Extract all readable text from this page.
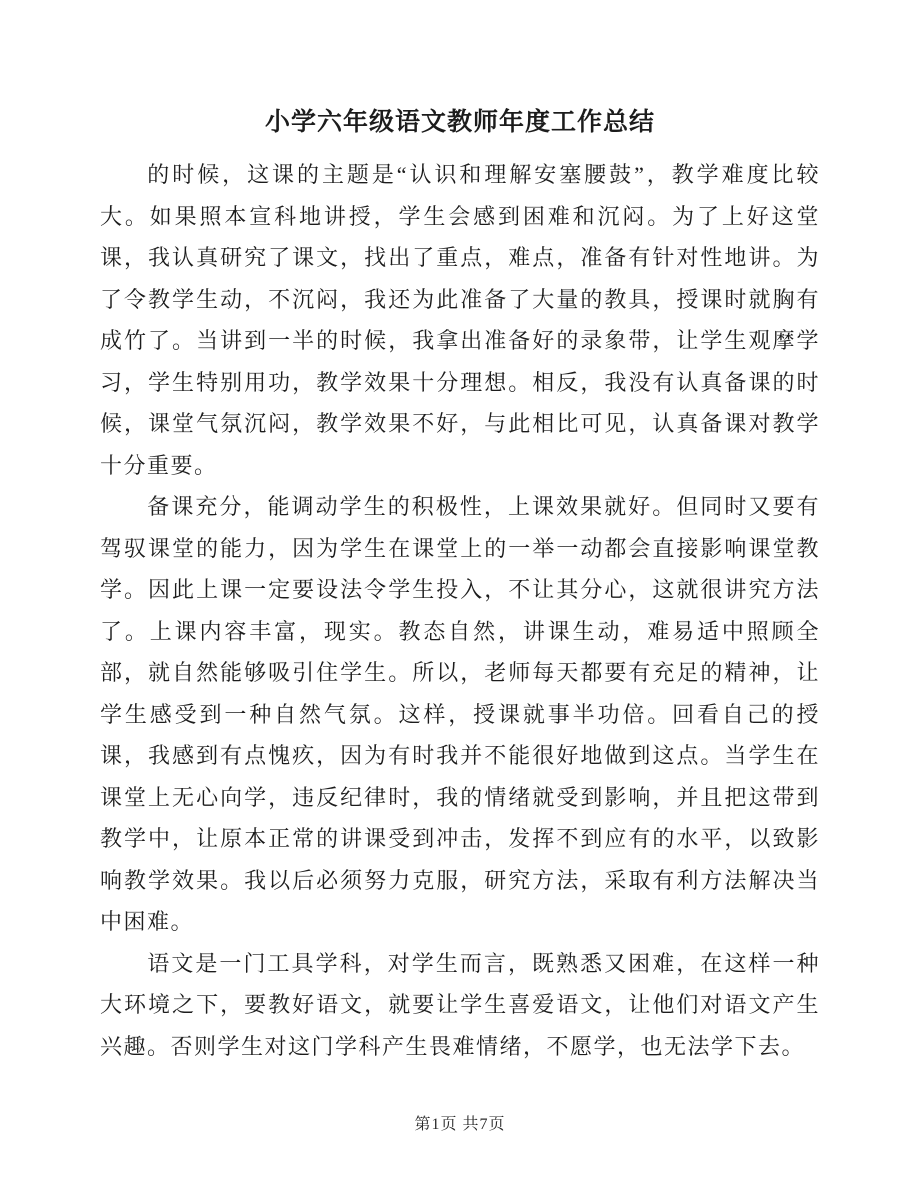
小学六年级语文教师年度工作总结

的时候，这课的主题是“认识和理解安塞腰鼓”，教学难度比较大。如果照本宣科地讲授，学生会感到困难和沉闷。为了上好这堂课，我认真研究了课文，找出了重点，难点，准备有针对性地讲。为了令教学生动，不沉闷，我还为此准备了大量的教具，授课时就胸有成竹了。当讲到一半的时候，我拿出准备好的录象带，让学生观摩学习，学生特别用功，教学效果十分理想。相反，我没有认真备课的时候，课堂气氛沉闷，教学效果不好，与此相比可见，认真备课对教学十分重要。

备课充分，能调动学生的积极性，上课效果就好。但同时又要有驾驭课堂的能力，因为学生在课堂上的一举一动都会直接影响课堂教学。因此上课一定要设法令学生投入，不让其分心，这就很讲究方法了。上课内容丰富，现实。教态自然，讲课生动，难易适中照顾全部，就自然能够吸引住学生。所以，老师每天都要有充足的精神，让学生感受到一种自然气氛。这样，授课就事半功倍。回看自己的授课，我感到有点愧疚，因为有时我并不能很好地做到这点。当学生在课堂上无心向学，违反纪律时，我的情绪就受到影响，并且把这带到教学中，让原本正常的讲课受到冲击，发挥不到应有的水平，以致影响教学效果。我以后必须努力克服，研究方法，采取有利方法解决当中困难。

语文是一门工具学科，对学生而言，既熟悉又困难，在这样一种大环境之下，要教好语文，就要让学生喜爱语文，让他们对语文产生兴趣。否则学生对这门学科产生畏难情绪，不愿学，也无法学下去。

第1页 共7页
